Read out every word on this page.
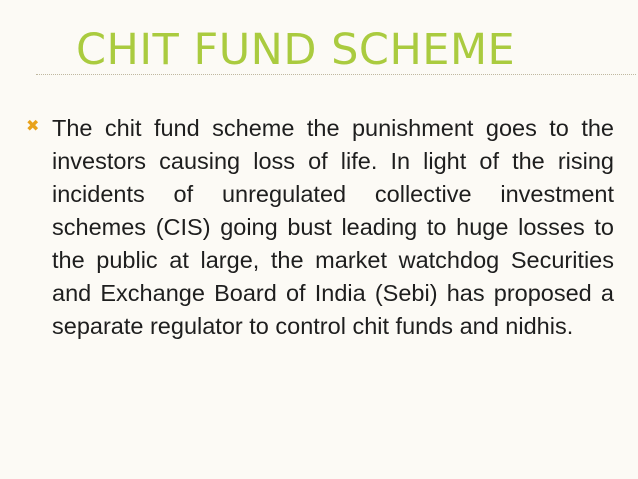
CHIT FUND SCHEME
✖ The chit fund scheme the punishment goes to the investors causing loss of life. In light of the rising incidents of unregulated collective investment schemes (CIS) going bust leading to huge losses to the public at large, the market watchdog Securities and Exchange Board of India (Sebi) has proposed a separate regulator to control chit funds and nidhis.
